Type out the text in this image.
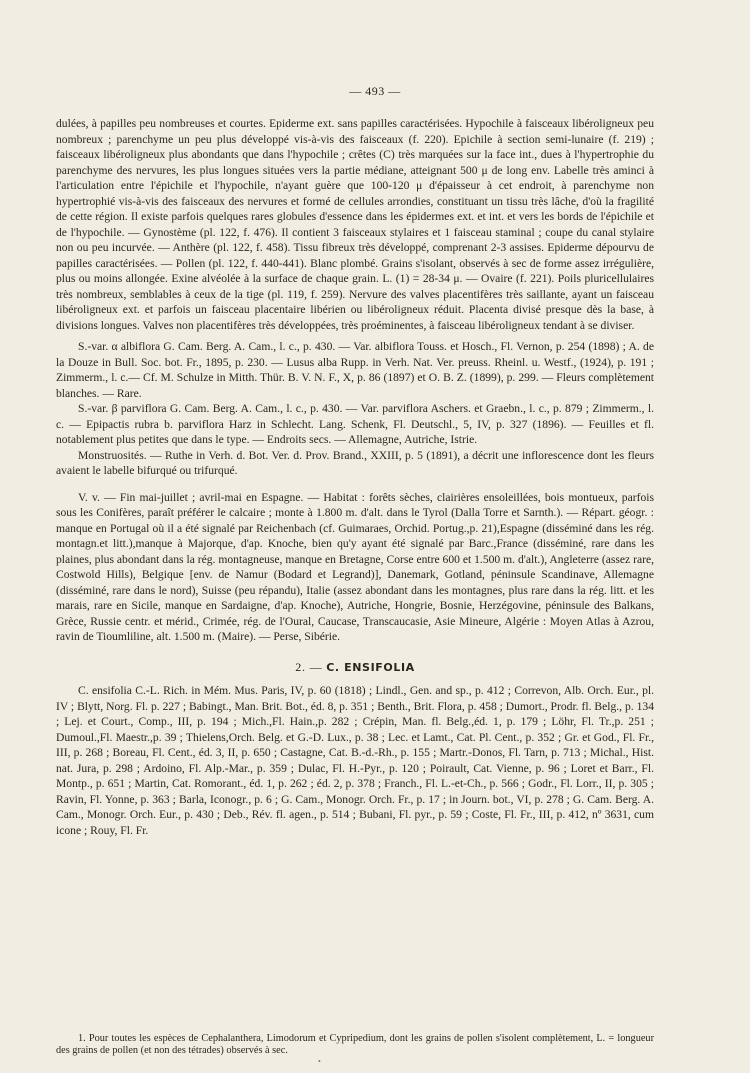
— 493 —

dulées, à papilles peu nombreuses et courtes. Epiderme ext. sans papilles caractérisées. Hypochile à faisceaux libéroligneux peu nombreux ; parenchyme un peu plus développé vis-à-vis des faisceaux (f. 220). Epichile à section semi-lunaire (f. 219) ; faisceaux libéroligneux plus abondants que dans l'hypochile ; crêtes (C) très marquées sur la face int., dues à l'hypertrophie du parenchyme des nervures, les plus longues situées vers la partie médiane, atteignant 500 μ de long env. Labelle très aminci à l'articulation entre l'épichile et l'hypochile, n'ayant guère que 100-120 μ d'épaisseur à cet endroit, à parenchyme non hypertrophié vis-à-vis des faisceaux des nervures et formé de cellules arrondies, constituant un tissu très lâche, d'où la fragilité de cette région. Il existe parfois quelques rares globules d'essence dans les épidermes ext. et int. et vers les bords de l'épichile et de l'hypochile. — Gynostème (pl. 122, f. 476). Il contient 3 faisceaux stylaires et 1 faisceau staminal ; coupe du canal stylaire non ou peu incurvée. — Anthère (pl. 122, f. 458). Tissu fibreux très développé, comprenant 2-3 assises. Epiderme dépourvu de papilles caractérisées. — Pollen (pl. 122, f. 440-441). Blanc plombé. Grains s'isolant, observés à sec de forme assez irrégulière, plus ou moins allongée. Exine alvéolée à la surface de chaque grain. L. (1) = 28-34 μ. — Ovaire (f. 221). Poils pluricellulaires très nombreux, semblables à ceux de la tige (pl. 119, f. 259). Nervure des valves placentifères très saillante, ayant un faisceau libéroligneux ext. et parfois un faisceau placentaire libérien ou libéroligneux réduit. Placenta divisé presque dès la base, à divisions longues. Valves non placentifères très développées, très proéminentes, à faisceau libéroligneux tendant à se diviser.

S.-var. α albiflora G. Cam. Berg. A. Cam., l. c., p. 430. — Var. albiflora Touss. et Hosch., Fl. Vernon, p. 254 (1898) ; A. de la Douze in Bull. Soc. bot. Fr., 1895, p. 230. — Lusus alba Rupp. in Verh. Nat. Ver. preuss. Rheinl. u. Westf., (1924), p. 191 ; Zimmerm., l. c.— Cf. M. Schulze in Mitth. Thür. B. V. N. F., X, p. 86 (1897) et O. B. Z. (1899), p. 299. — Fleurs complètement blanches. — Rare.

S.-var. β parviflora G. Cam. Berg. A. Cam., l. c., p. 430. — Var. parviflora Aschers. et Graebn., l. c., p. 879 ; Zimmerm., l. c. — Epipactis rubra b. parviflora Harz in Schlecht. Lang. Schenk, Fl. Deutschl., 5, IV, p. 327 (1896). — Feuilles et fl. notablement plus petites que dans le type. — Endroits secs. — Allemagne, Autriche, Istrie.

Monstruosités. — Ruthe in Verh. d. Bot. Ver. d. Prov. Brand., XXIII, p. 5 (1891), a décrit une inflorescence dont les fleurs avaient le labelle bifurqué ou trifurqué.

V. v. — Fin mai-juillet ; avril-mai en Espagne. — Habitat : forêts sèches, clairières ensoleillées, bois montueux, parfois sous les Conifères, paraît préférer le calcaire ; monte à 1.800 m. d'alt. dans le Tyrol (Dalla Torre et Sarnth.). — Répart. géogr. : manque en Portugal où il a été signalé par Reichenbach (cf. Guimaraes, Orchid. Portug.,p. 21),Espagne (disséminé dans les rég. montagn.et litt.),manque à Majorque, d'ap. Knoche, bien qu'y ayant été signalé par Barc.,France (disséminé, rare dans les plaines, plus abondant dans la rég. montagneuse, manque en Bretagne, Corse entre 600 et 1.500 m. d'alt.), Angleterre (assez rare, Costwold Hills), Belgique [env. de Namur (Bodard et Legrand)], Danemark, Gotland, péninsule Scandinave, Allemagne (disséminé, rare dans le nord), Suisse (peu répandu), Italie (assez abondant dans les montagnes, plus rare dans la rég. litt. et les marais, rare en Sicile, manque en Sardaigne, d'ap. Knoche), Autriche, Hongrie, Bosnie, Herzégovine, péninsule des Balkans, Grèce, Russie centr. et mérid., Crimée, rég. de l'Oural, Caucase, Transcaucasie, Asie Mineure, Algérie : Moyen Atlas à Azrou, ravin de Tioumliline, alt. 1.500 m. (Maire). — Perse, Sibérie.

2. — C. ENSIFOLIA

C. ensifolia C.-L. Rich. in Mém. Mus. Paris, IV, p. 60 (1818) ; Lindl., Gen. and sp., p. 412 ; Correvon, Alb. Orch. Eur., pl. IV ; Blytt, Norg. Fl. p. 227 ; Babingt., Man. Brit. Bot., éd. 8, p. 351 ; Benth., Brit. Flora, p. 458 ; Dumort., Prodr. fl. Belg., p. 134 ; Lej. et Court., Comp., III, p. 194 ; Mich.,Fl. Hain.,p. 282 ; Crépin, Man. fl. Belg.,éd. 1, p. 179 ; Löhr, Fl. Tr.,p. 251 ; Dumoul.,Fl. Maestr.,p. 39 ; Thielens,Orch. Belg. et G.-D. Lux., p. 38 ; Lec. et Lamt., Cat. Pl. Cent., p. 352 ; Gr. et God., Fl. Fr., III, p. 268 ; Boreau, Fl. Cent., éd. 3, II, p. 650 ; Castagne, Cat. B.-d.-Rh., p. 155 ; Martr.-Donos, Fl. Tarn, p. 713 ; Michal., Hist. nat. Jura, p. 298 ; Ardoino, Fl. Alp.-Mar., p. 359 ; Dulac, Fl. H.-Pyr., p. 120 ; Poirault, Cat. Vienne, p. 96 ; Loret et Barr., Fl. Montp., p. 651 ; Martin, Cat. Romorant., éd. 1, p. 262 ; éd. 2, p. 378 ; Franch., Fl. L.-et-Ch., p. 566 ; Godr., Fl. Lorr., II, p. 305 ; Ravin, Fl. Yonne, p. 363 ; Barla, Iconogr., p. 6 ; G. Cam., Monogr. Orch. Fr., p. 17 ; in Journ. bot., VI, p. 278 ; G. Cam. Berg. A. Cam., Monogr. Orch. Eur., p. 430 ; Deb., Rév. fl. agen., p. 514 ; Bubani, Fl. pyr., p. 59 ; Coste, Fl. Fr., III, p. 412, nº 3631, cum icone ; Rouy, Fl. Fr.

1. Pour toutes les espèces de Cephalanthera, Limodorum et Cypripedium, dont les grains de pollen s'isolent complètement, L. = longueur des grains de pollen (et non des tétrades) observés à sec.

•
